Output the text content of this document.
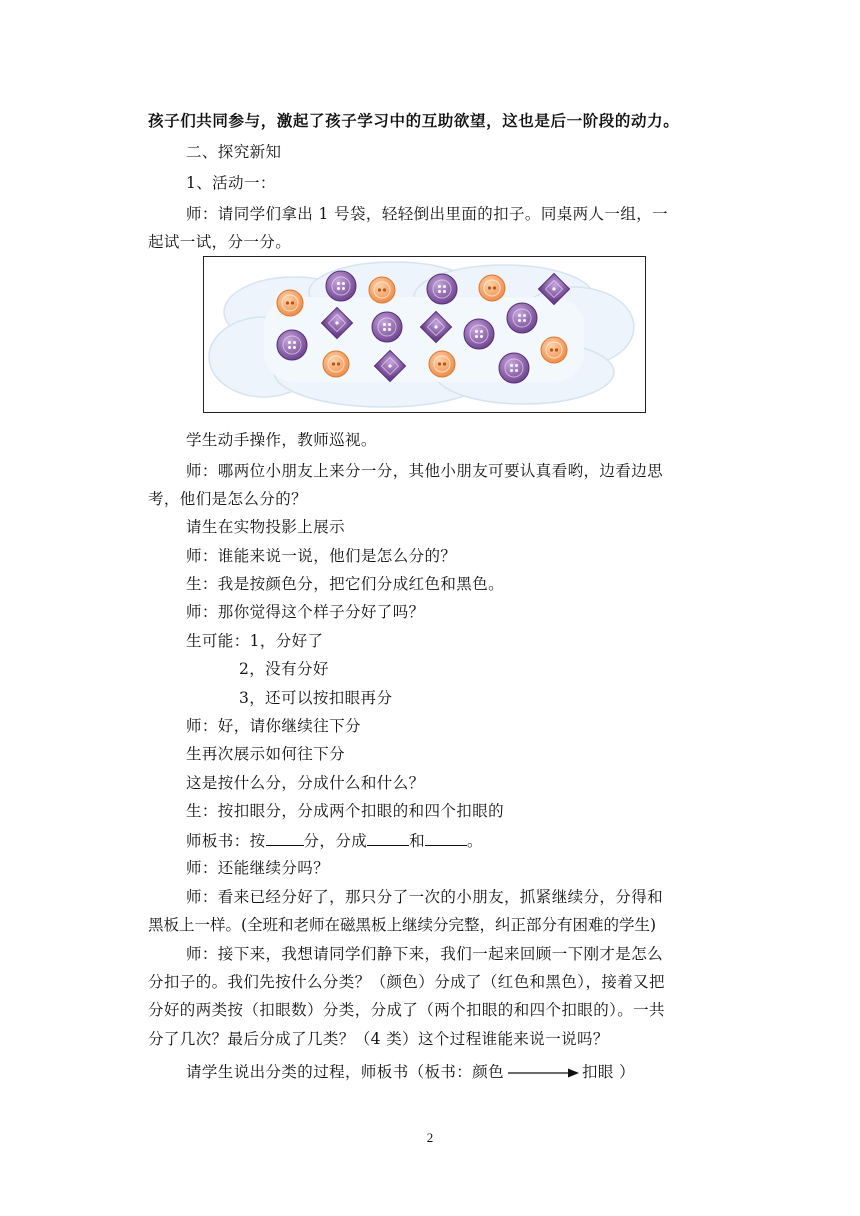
孩子们共同参与，激起了孩子学习中的互助欲望，这也是后一阶段的动力。
二、探究新知
1、活动一：
师：请同学们拿出 1 号袋，轻轻倒出里面的扣子。同桌两人一组，一
起试一试，分一分。
学生动手操作，教师巡视。
师：哪两位小朋友上来分一分，其他小朋友可要认真看哟，边看边思
考，他们是怎么分的？
请生在实物投影上展示
师：谁能来说一说，他们是怎么分的？
生：我是按颜色分，把它们分成红色和黑色。
师：那你觉得这个样子分好了吗？
生可能：1，分好了
2，没有分好
3，还可以按扣眼再分
师：好，请你继续往下分
生再次展示如何往下分
这是按什么分，分成什么和什么？
生：按扣眼分，分成两个扣眼的和四个扣眼的
师板书：按 分，分成	和	。
师：还能继续分吗？
师：看来已经分好了，那只分了一次的小朋友，抓紧继续分，分得和
黑板上一样。(全班和老师在磁黑板上继续分完整，纠正部分有困难的学生)
师：接下来，我想请同学们静下来，我们一起来回顾一下刚才是怎么
分扣子的。我们先按什么分类？（颜色）分成了（红色和黑色），接着又把
分好的两类按（扣眼数）分类，分成了（两个扣眼的和四个扣眼的）。一共
分了几次？最后分成了几类？（4 类）这个过程谁能来说一说吗？
请学生说出分类的过程，师板书（板书：颜色	扣眼 ）
2
